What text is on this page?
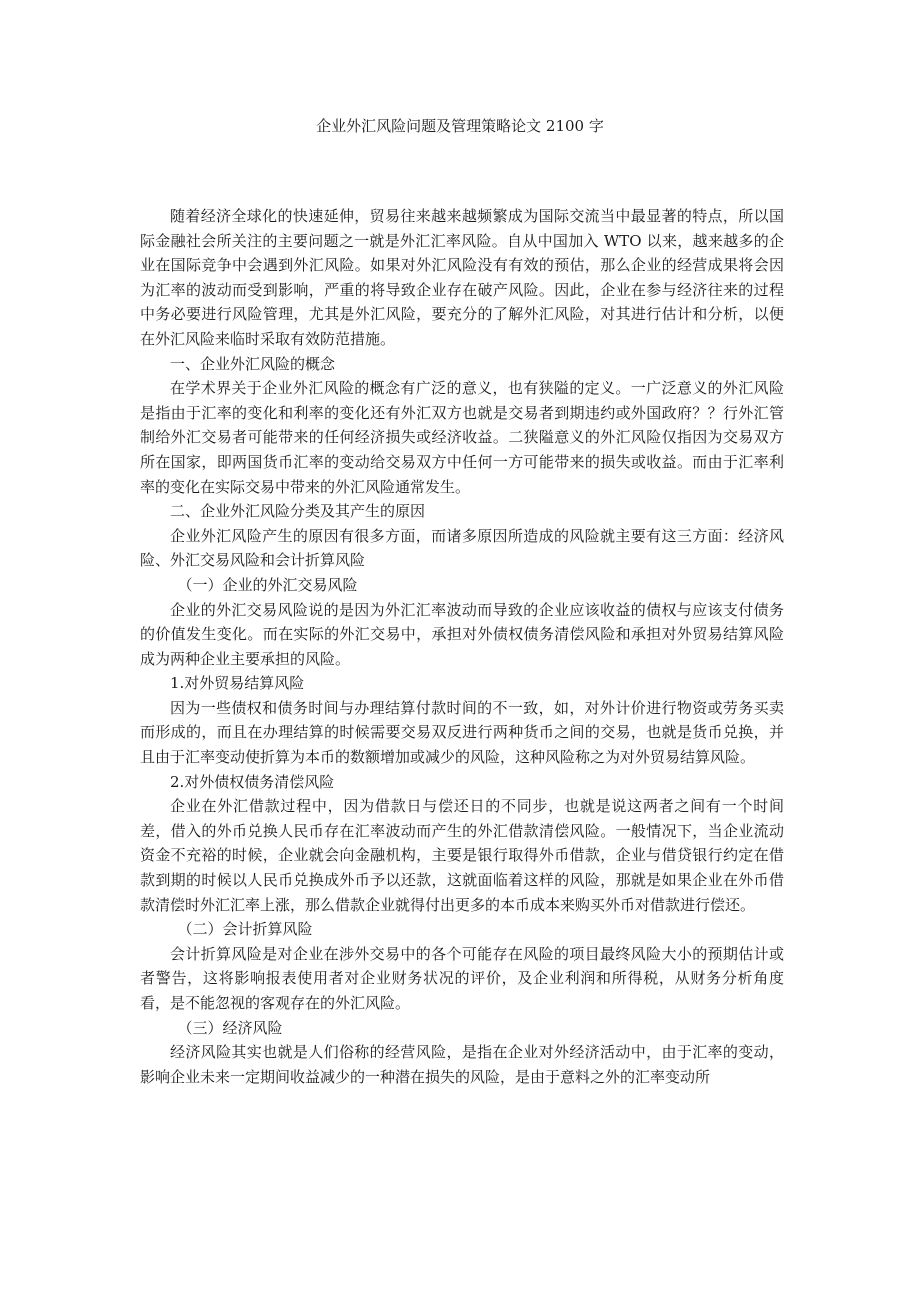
企业外汇风险问题及管理策略论文 2100 字

随着经济全球化的快速延伸，贸易往来越来越频繁成为国际交流当中最显著的特点，所以国际金融社会所关注的主要问题之一就是外汇汇率风险。自从中国加入 WTO 以来，越来越多的企业在国际竞争中会遇到外汇风险。如果对外汇风险没有有效的预估，那么企业的经营成果将会因为汇率的波动而受到影响，严重的将导致企业存在破产风险。因此，企业在参与经济往来的过程中务必要进行风险管理，尤其是外汇风险，要充分的了解外汇风险，对其进行估计和分析，以便在外汇风险来临时采取有效防范措施。

一、企业外汇风险的概念

在学术界关于企业外汇风险的概念有广泛的意义，也有狭隘的定义。一广泛意义的外汇风险是指由于汇率的变化和利率的变化还有外汇双方也就是交易者到期违约或外国政府？？行外汇管制给外汇交易者可能带来的任何经济损失或经济收益。二狭隘意义的外汇风险仅指因为交易双方所在国家，即两国货币汇率的变动给交易双方中任何一方可能带来的损失或收益。而由于汇率利率的变化在实际交易中带来的外汇风险通常发生。

二、企业外汇风险分类及其产生的原因

企业外汇风险产生的原因有很多方面，而诸多原因所造成的风险就主要有这三方面：经济风险、外汇交易风险和会计折算风险

（一）企业的外汇交易风险

企业的外汇交易风险说的是因为外汇汇率波动而导致的企业应该收益的债权与应该支付债务的价值发生变化。而在实际的外汇交易中，承担对外债权债务清偿风险和承担对外贸易结算风险成为两种企业主要承担的风险。

1.对外贸易结算风险

因为一些债权和债务时间与办理结算付款时间的不一致，如，对外计价进行物资或劳务买卖而形成的，而且在办理结算的时候需要交易双反进行两种货币之间的交易，也就是货币兑换，并且由于汇率变动使折算为本币的数额增加或减少的风险，这种风险称之为对外贸易结算风险。

2.对外债权债务清偿风险

企业在外汇借款过程中，因为借款日与偿还日的不同步，也就是说这两者之间有一个时间差，借入的外币兑换人民币存在汇率波动而产生的外汇借款清偿风险。一般情况下，当企业流动资金不充裕的时候，企业就会向金融机构，主要是银行取得外币借款，企业与借贷银行约定在借款到期的时候以人民币兑换成外币予以还款，这就面临着这样的风险，那就是如果企业在外币借款清偿时外汇汇率上涨，那么借款企业就得付出更多的本币成本来购买外币对借款进行偿还。

（二）会计折算风险

会计折算风险是对企业在涉外交易中的各个可能存在风险的项目最终风险大小的预期估计或者警告，这将影响报表使用者对企业财务状况的评价，及企业利润和所得税，从财务分析角度看，是不能忽视的客观存在的外汇风险。

（三）经济风险

经济风险其实也就是人们俗称的经营风险，是指在企业对外经济活动中，由于汇率的变动，影响企业未来一定期间收益减少的一种潜在损失的风险，是由于意料之外的汇率变动所
